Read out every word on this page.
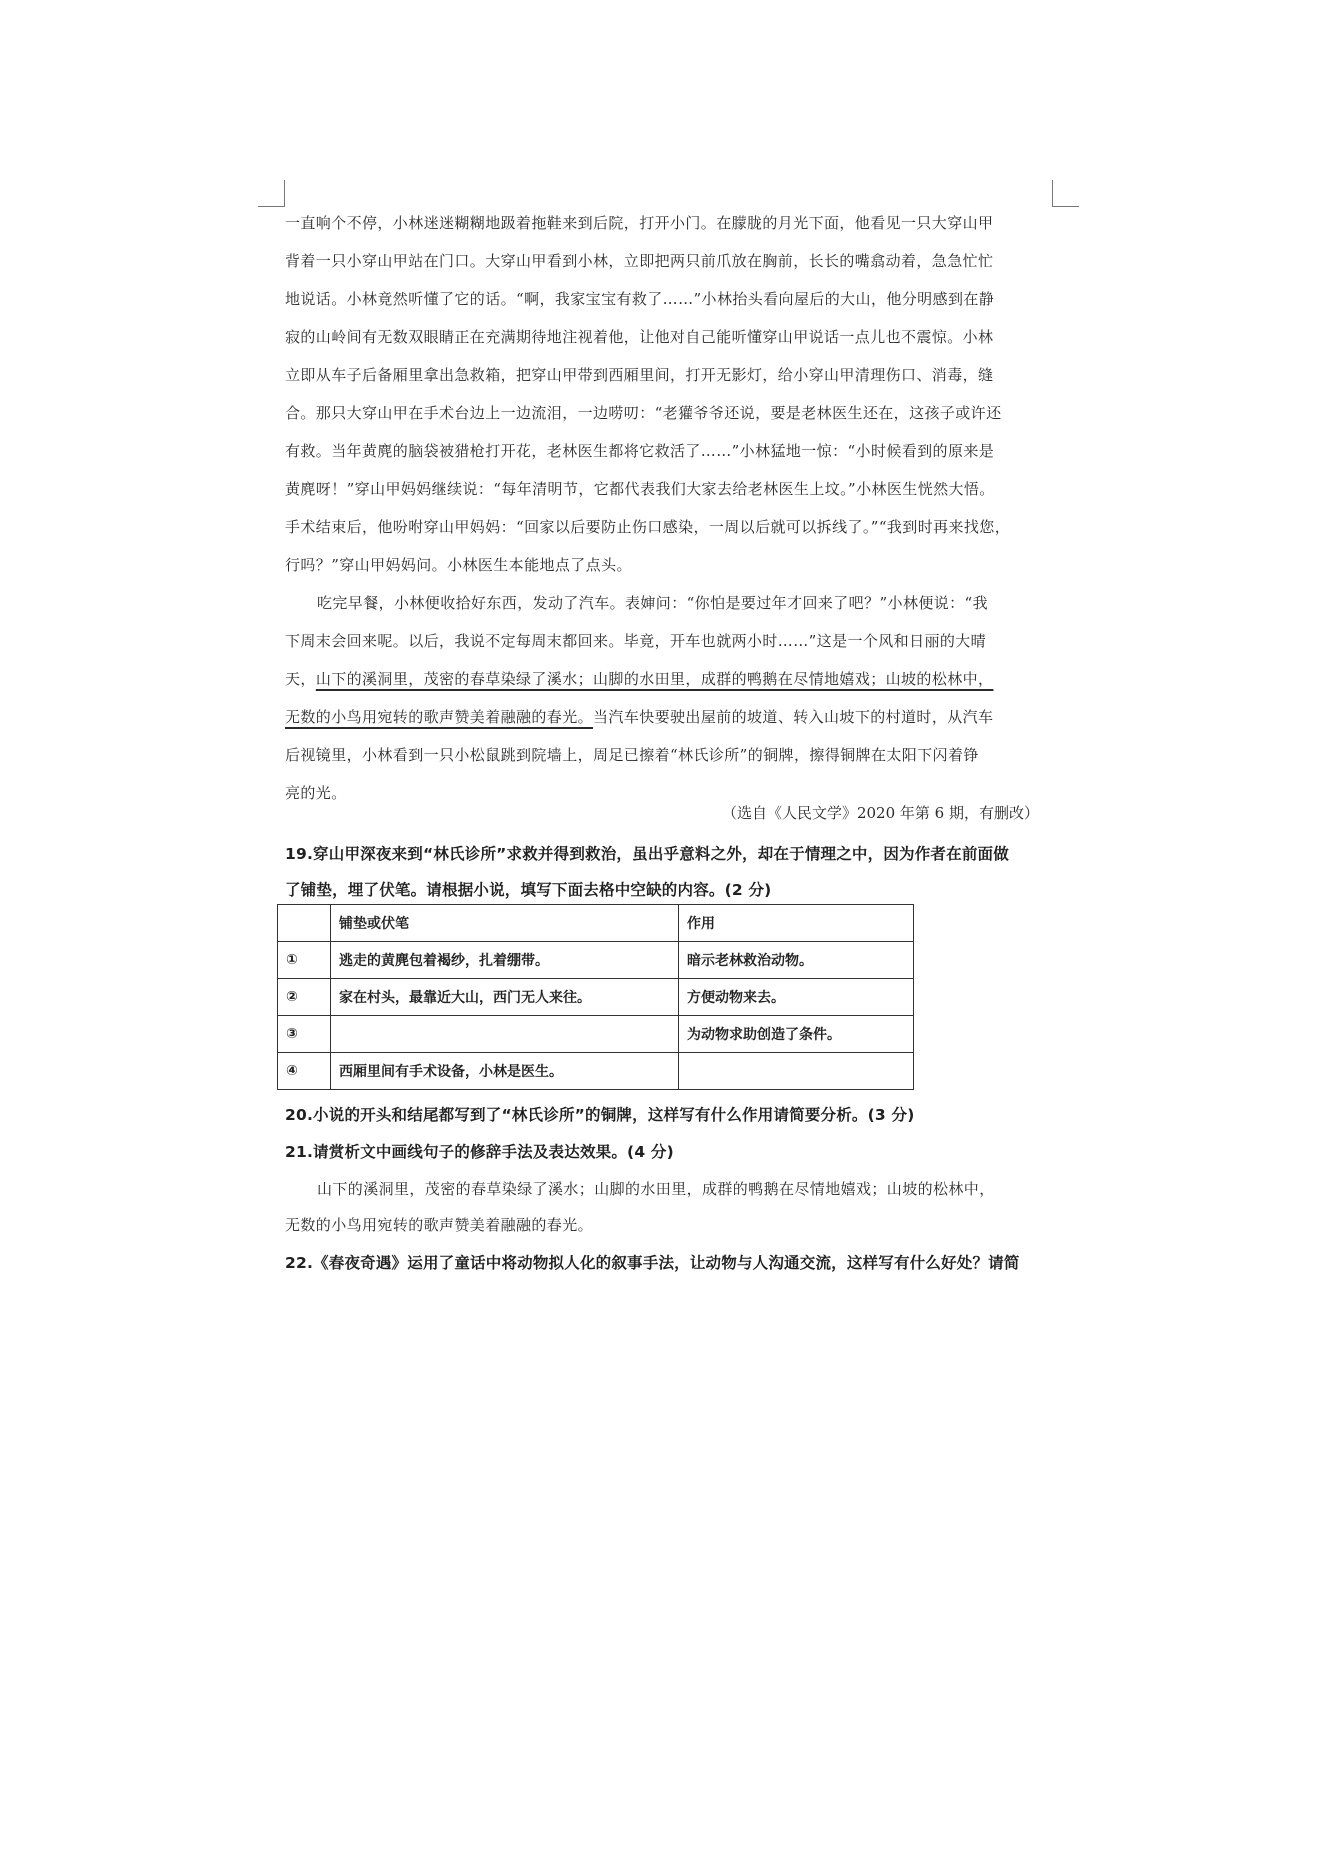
一直响个不停，小林迷迷糊糊地趿着拖鞋来到后院，打开小门。在朦胧的月光下面，他看见一只大穿山甲
背着一只小穿山甲站在门口。大穿山甲看到小林，立即把两只前爪放在胸前，长长的嘴翕动着，急急忙忙
地说话。小林竟然听懂了它的话。“啊，我家宝宝有救了……”小林抬头看向屋后的大山，他分明感到在静
寂的山岭间有无数双眼睛正在充满期待地注视着他，让他对自己能听懂穿山甲说话一点儿也不震惊。小林
立即从车子后备厢里拿出急救箱，把穿山甲带到西厢里间，打开无影灯，给小穿山甲清理伤口、消毒，缝
合。那只大穿山甲在手术台边上一边流泪，一边唠叨：“老獾爷爷还说，要是老林医生还在，这孩子或许还
有救。当年黄麂的脑袋被猎枪打开花，老林医生都将它救活了……”小林猛地一惊：“小时候看到的原来是
黄麂呀！”穿山甲妈妈继续说：“每年清明节，它都代表我们大家去给老林医生上坟。”小林医生恍然大悟。
手术结束后，他吩咐穿山甲妈妈：“回家以后要防止伤口感染，一周以后就可以拆线了。”“我到时再来找您，
行吗？”穿山甲妈妈问。小林医生本能地点了点头。
吃完早餐，小林便收拾好东西，发动了汽车。表婶问：“你怕是要过年才回来了吧？”小林便说：“我
下周末会回来呢。以后，我说不定每周末都回来。毕竟，开车也就两小时……”这是一个风和日丽的大晴
天，山下的溪洞里，茂密的春草染绿了溪水；山脚的水田里，成群的鸭鹅在尽情地嬉戏；山坡的松林中，
无数的小鸟用宛转的歌声赞美着融融的春光。当汽车快要驶出屋前的坡道、转入山坡下的村道时，从汽车
后视镜里，小林看到一只小松鼠跳到院墙上，周足已擦着“林氏诊所”的铜牌，擦得铜牌在太阳下闪着铮
亮的光。
（选自《人民文学》2020 年第 6 期，有删改）
19.穿山甲深夜来到“林氏诊所”求救并得到救治，虽出乎意料之外，却在于情理之中，因为作者在前面做
了铺垫，埋了伏笔。请根据小说，填写下面去格中空缺的内容。(2 分)
20.小说的开头和结尾都写到了“林氏诊所”的铜牌，这样写有什么作用请简要分析。(3 分)
21.请赏析文中画线句子的修辞手法及表达效果。(4 分)
山下的溪洞里，茂密的春草染绿了溪水；山脚的水田里，成群的鸭鹅在尽情地嬉戏；山坡的松林中，
无数的小鸟用宛转的歌声赞美着融融的春光。
22.《春夜奇遇》运用了童话中将动物拟人化的叙事手法，让动物与人沟通交流，这样写有什么好处？请简
	铺垫或伏笔	作用
①	逃走的黄麂包着褐纱，扎着绷带。	暗示老林救治动物。
②	家在村头，最靠近大山，西门无人来往。	方便动物来去。
③		为动物求助创造了条件。
④	西厢里间有手术设备，小林是医生。	
